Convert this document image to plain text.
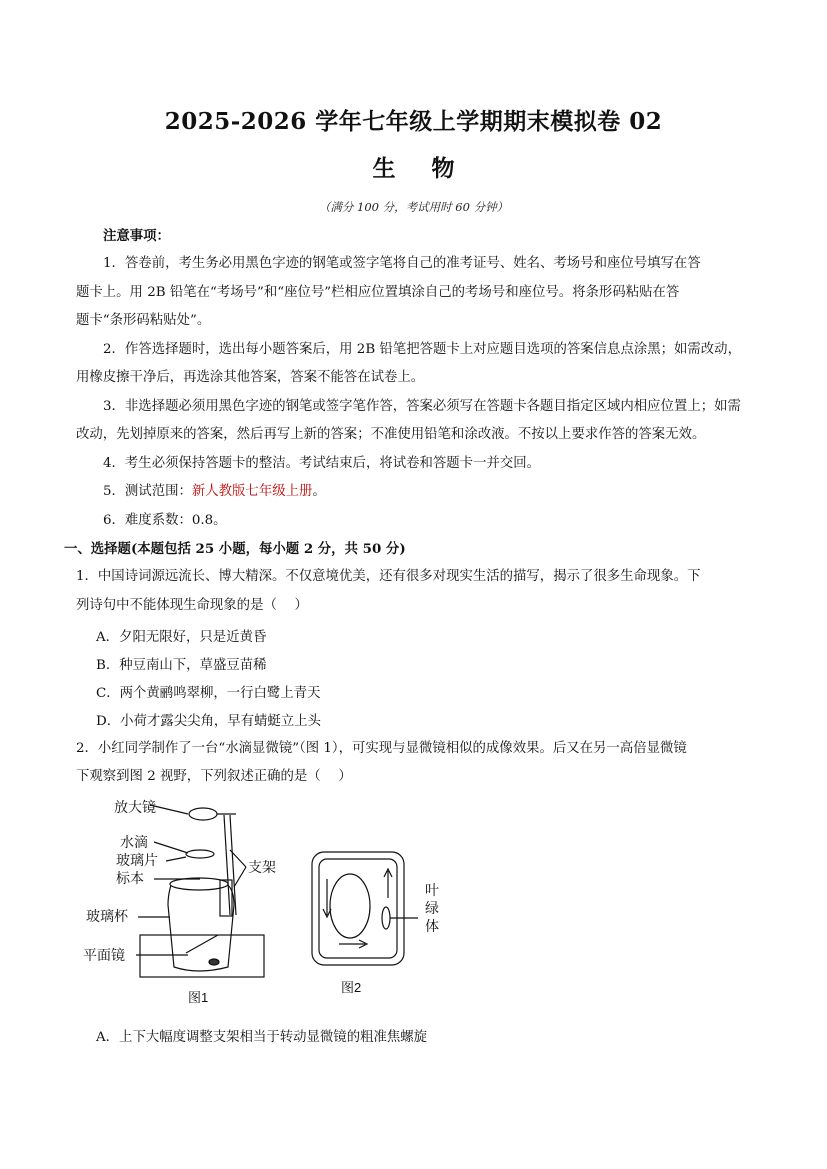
2025-2026 学年七年级上学期期末模拟卷 02
生 物
（满分 100 分，考试用时 60 分钟）
注意事项：
1．答卷前，考生务必用黑色字迹的钢笔或签字笔将自己的准考证号、姓名、考场号和座位号填写在答
题卡上。用 2B 铅笔在“考场号”和“座位号”栏相应位置填涂自己的考场号和座位号。将条形码粘贴在答
题卡“条形码粘贴处”。
2．作答选择题时，选出每小题答案后，用 2B 铅笔把答题卡上对应题目选项的答案信息点涂黑；如需改动，
用橡皮擦干净后，再选涂其他答案，答案不能答在试卷上。
3．非选择题必须用黑色字迹的钢笔或签字笔作答，答案必须写在答题卡各题目指定区域内相应位置上；如需
改动，先划掉原来的答案，然后再写上新的答案；不准使用铅笔和涂改液。不按以上要求作答的答案无效。
4．考生必须保持答题卡的整洁。考试结束后，将试卷和答题卡一并交回。
5．测试范围：新人教版七年级上册。
6．难度系数：0.8。
一、选择题(本题包括 25 小题，每小题 2 分，共 50 分)
1．中国诗词源远流长、博大精深。不仅意境优美，还有很多对现实生活的描写，揭示了很多生命现象。下
列诗句中不能体现生命现象的是（　 ）
A．夕阳无限好，只是近黄昏
B．种豆南山下，草盛豆苗稀
C．两个黄鹂鸣翠柳，一行白鹭上青天
D．小荷才露尖尖角，早有蜻蜓立上头
2．小红同学制作了一台“水滴显微镜”（图 1），可实现与显微镜相似的成像效果。后又在另一高倍显微镜
下观察到图 2 视野，下列叙述正确的是（　 ）
放大镜
水滴
玻璃片
标本
支架
玻璃杯
平面镜
图1
叶
绿
体
图2
A．上下大幅度调整支架相当于转动显微镜的粗准焦螺旋
